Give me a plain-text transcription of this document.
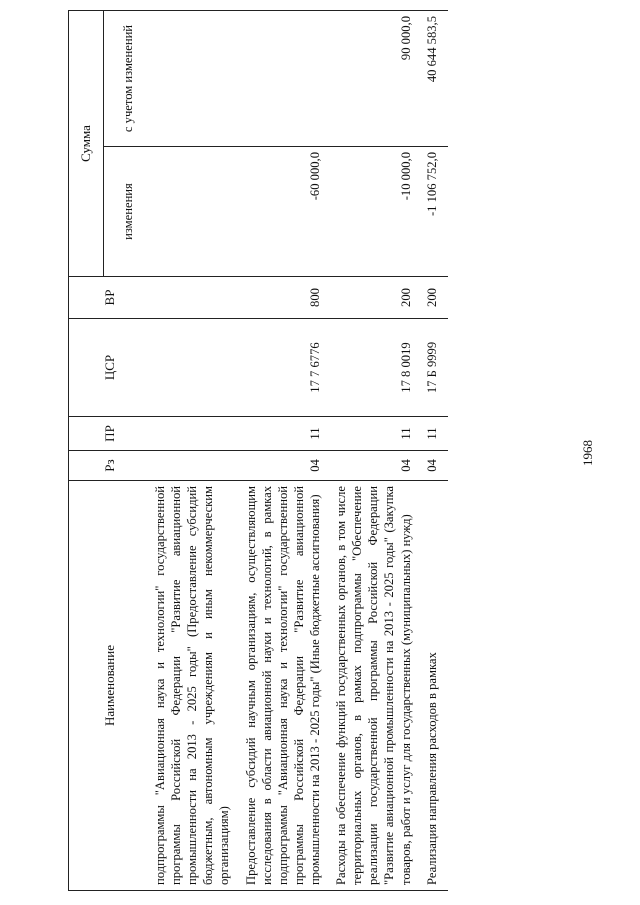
1968
Наименование	Рз	ПР	ЦСР	ВР	Сумма	
					изменения	с учетом изменений
подпрограммы "Авиационная наука и технологии" государственной программы Российской Федерации "Развитие авиационной промышленности на 2013 - 2025 годы" (Предоставление субсидий бюджетным, автономным учреждениям и иным некоммерческим организациям)						
Предоставление субсидий научным организациям, осуществляющим исследования в области авиационной науки и технологий, в рамках подпрограммы "Авиационная наука и технологии" государственной программы Российской Федерации "Развитие авиационной промышленности на 2013 - 2025 годы" (Иные бюджетные ассигнования)	04	11	17 7 6776	800	-60 000,0	
Расходы на обеспечение функций государственных органов, в том числе территориальных органов, в рамках подпрограммы "Обеспечение реализации государственной программы Российской Федерации "Развитие авиационной промышленности на 2013 - 2025 годы" (Закупка товаров, работ и услуг для государственных (муниципальных) нужд)	04	11	17 8 0019	200	-10 000,0	90 000,0
Реализация направления расходов в рамках	04	11	17 Б 9999	200	-1 106 752,0	40 644 583,5
